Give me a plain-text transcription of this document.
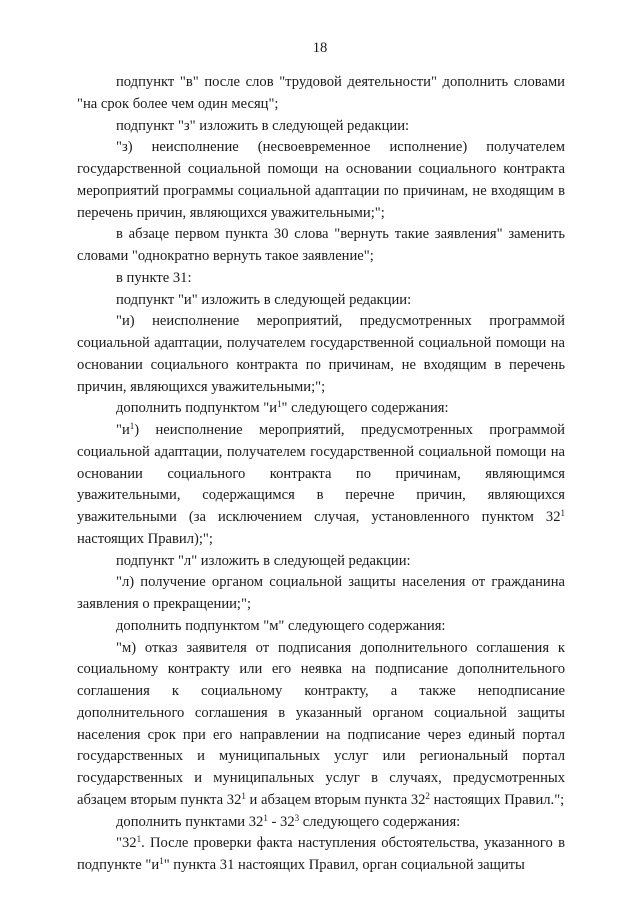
18

подпункт "в" после слов "трудовой деятельности" дополнить словами "на срок более чем один месяц";

подпункт "з" изложить в следующей редакции:

"з) неисполнение (несвоевременное исполнение) получателем государственной социальной помощи на основании социального контракта мероприятий программы социальной адаптации по причинам, не входящим в перечень причин, являющихся уважительными;";

в абзаце первом пункта 30 слова "вернуть такие заявления" заменить словами "однократно вернуть такое заявление";

в пункте 31:

подпункт "и" изложить в следующей редакции:

"и) неисполнение мероприятий, предусмотренных программой социальной адаптации, получателем государственной социальной помощи на основании социального контракта по причинам, не входящим в перечень причин, являющихся уважительными;";

дополнить подпунктом "$и^1$" следующего содержания:

"$и^1$) неисполнение мероприятий, предусмотренных программой социальной адаптации, получателем государственной социальной помощи на основании социального контракта по причинам, являющимся уважительными, содержащимся в перечне причин, являющихся уважительными (за исключением случая, установленного пунктом $32^1$ настоящих Правил);";

подпункт "л" изложить в следующей редакции:

"л) получение органом социальной защиты населения от гражданина заявления о прекращении;";

дополнить подпунктом "м" следующего содержания:

"м) отказ заявителя от подписания дополнительного соглашения к социальному контракту или его неявка на подписание дополнительного соглашения к социальному контракту, а также неподписание дополнительного соглашения в указанный органом социальной защиты населения срок при его направлении на подписание через единый портал государственных и муниципальных услуг или региональный портал государственных и муниципальных услуг в случаях, предусмотренных абзацем вторым пункта $32^1$ и абзацем вторым пункта $32^2$ настоящих Правил.";

дополнить пунктами $32^1 - 32^3$ следующего содержания:

"$32^1$. После проверки факта наступления обстоятельства, указанного в подпункте "$и^1$" пункта 31 настоящих Правил, орган социальной защиты
